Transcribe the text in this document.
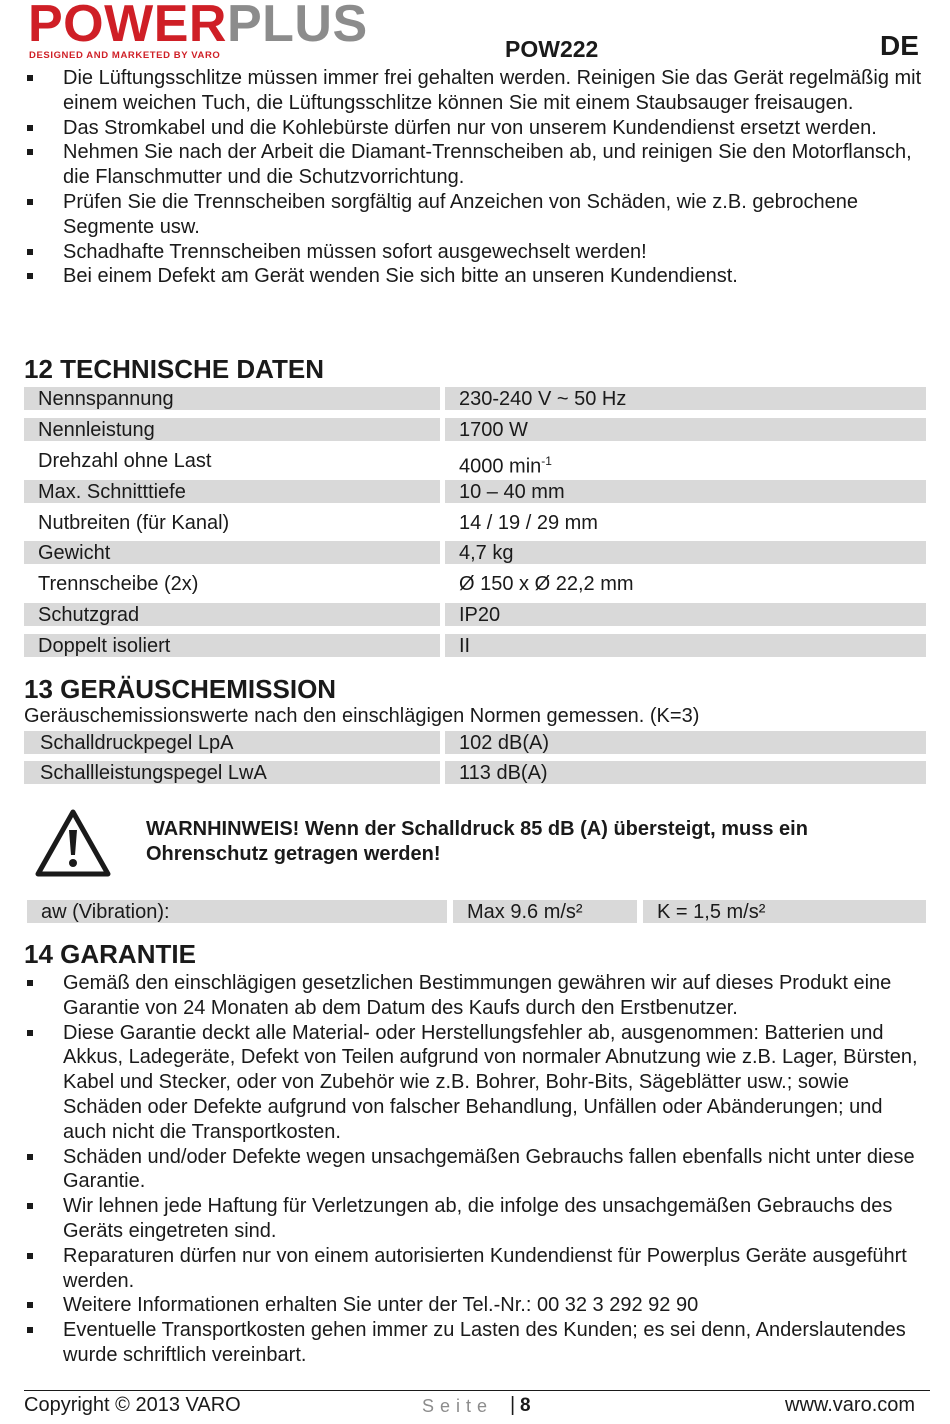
POWERPLUS
DESIGNED AND MARKETED BY VARO	POW222	DE
Die Lüftungsschlitze müssen immer frei gehalten werden. Reinigen Sie das Gerät regelmäßig mit einem weichen Tuch, die Lüftungsschlitze können Sie mit einem Staubsauger freisaugen.
Das Stromkabel und die Kohlebürste dürfen nur von unserem Kundendienst ersetzt werden.
Nehmen Sie nach der Arbeit die Diamant-Trennscheiben ab, und reinigen Sie den Motorflansch, die Flanschmutter und die Schutzvorrichtung.
Prüfen Sie die Trennscheiben sorgfältig auf Anzeichen von Schäden, wie z.B. gebrochene Segmente usw.
Schadhafte Trennscheiben müssen sofort ausgewechselt werden!
Bei einem Defekt am Gerät wenden Sie sich bitte an unseren Kundendienst.
12 TECHNISCHE DATEN
Nennspannung	230-240 V ~ 50 Hz
Nennleistung	1700 W
Drehzahl ohne Last	4000 $\min^{-1}$
Max. Schnitttiefe	10 – 40 mm
Nutbreiten (für Kanal)	14 / 19 / 29 mm
Gewicht	4,7 kg
Trennscheibe (2x)	Ø 150 x Ø 22,2 mm
Schutzgrad	IP20
Doppelt isoliert	II
13 GERÄUSCHEMISSION
Geräuschemissionswerte nach den einschlägigen Normen gemessen. (K=3)
Schalldruckpegel LpA	102 dB(A)
Schallleistungspegel LwA	113 dB(A)
WARNHINWEIS! Wenn der Schalldruck 85 dB (A) übersteigt, muss ein
Ohrenschutz getragen werden!
aw (Vibration):	Max 9.6 m/s²	K = 1,5 m/s²
14 GARANTIE
Gemäß den einschlägigen gesetzlichen Bestimmungen gewähren wir auf dieses Produkt eine Garantie von 24 Monaten ab dem Datum des Kaufs durch den Erstbenutzer.
Diese Garantie deckt alle Material- oder Herstellungsfehler ab, ausgenommen: Batterien und Akkus, Ladegeräte, Defekt von Teilen aufgrund von normaler Abnutzung wie z.B. Lager, Bürsten, Kabel und Stecker, oder von Zubehör wie z.B. Bohrer, Bohr-Bits, Sägeblätter usw.; sowie Schäden oder Defekte aufgrund von falscher Behandlung, Unfällen oder Abänderungen; und auch nicht die Transportkosten.
Schäden und/oder Defekte wegen unsachgemäßen Gebrauchs fallen ebenfalls nicht unter diese Garantie.
Wir lehnen jede Haftung für Verletzungen ab, die infolge des unsachgemäßen Gebrauchs des Geräts eingetreten sind.
Reparaturen dürfen nur von einem autorisierten Kundendienst für Powerplus Geräte ausgeführt werden.
Weitere Informationen erhalten Sie unter der Tel.-Nr.: 00 32 3 292 92 90
Eventuelle Transportkosten gehen immer zu Lasten des Kunden; es sei denn, Anderslautendes wurde schriftlich vereinbart.
Copyright © 2013 VARO	Seite | 8	www.varo.com
